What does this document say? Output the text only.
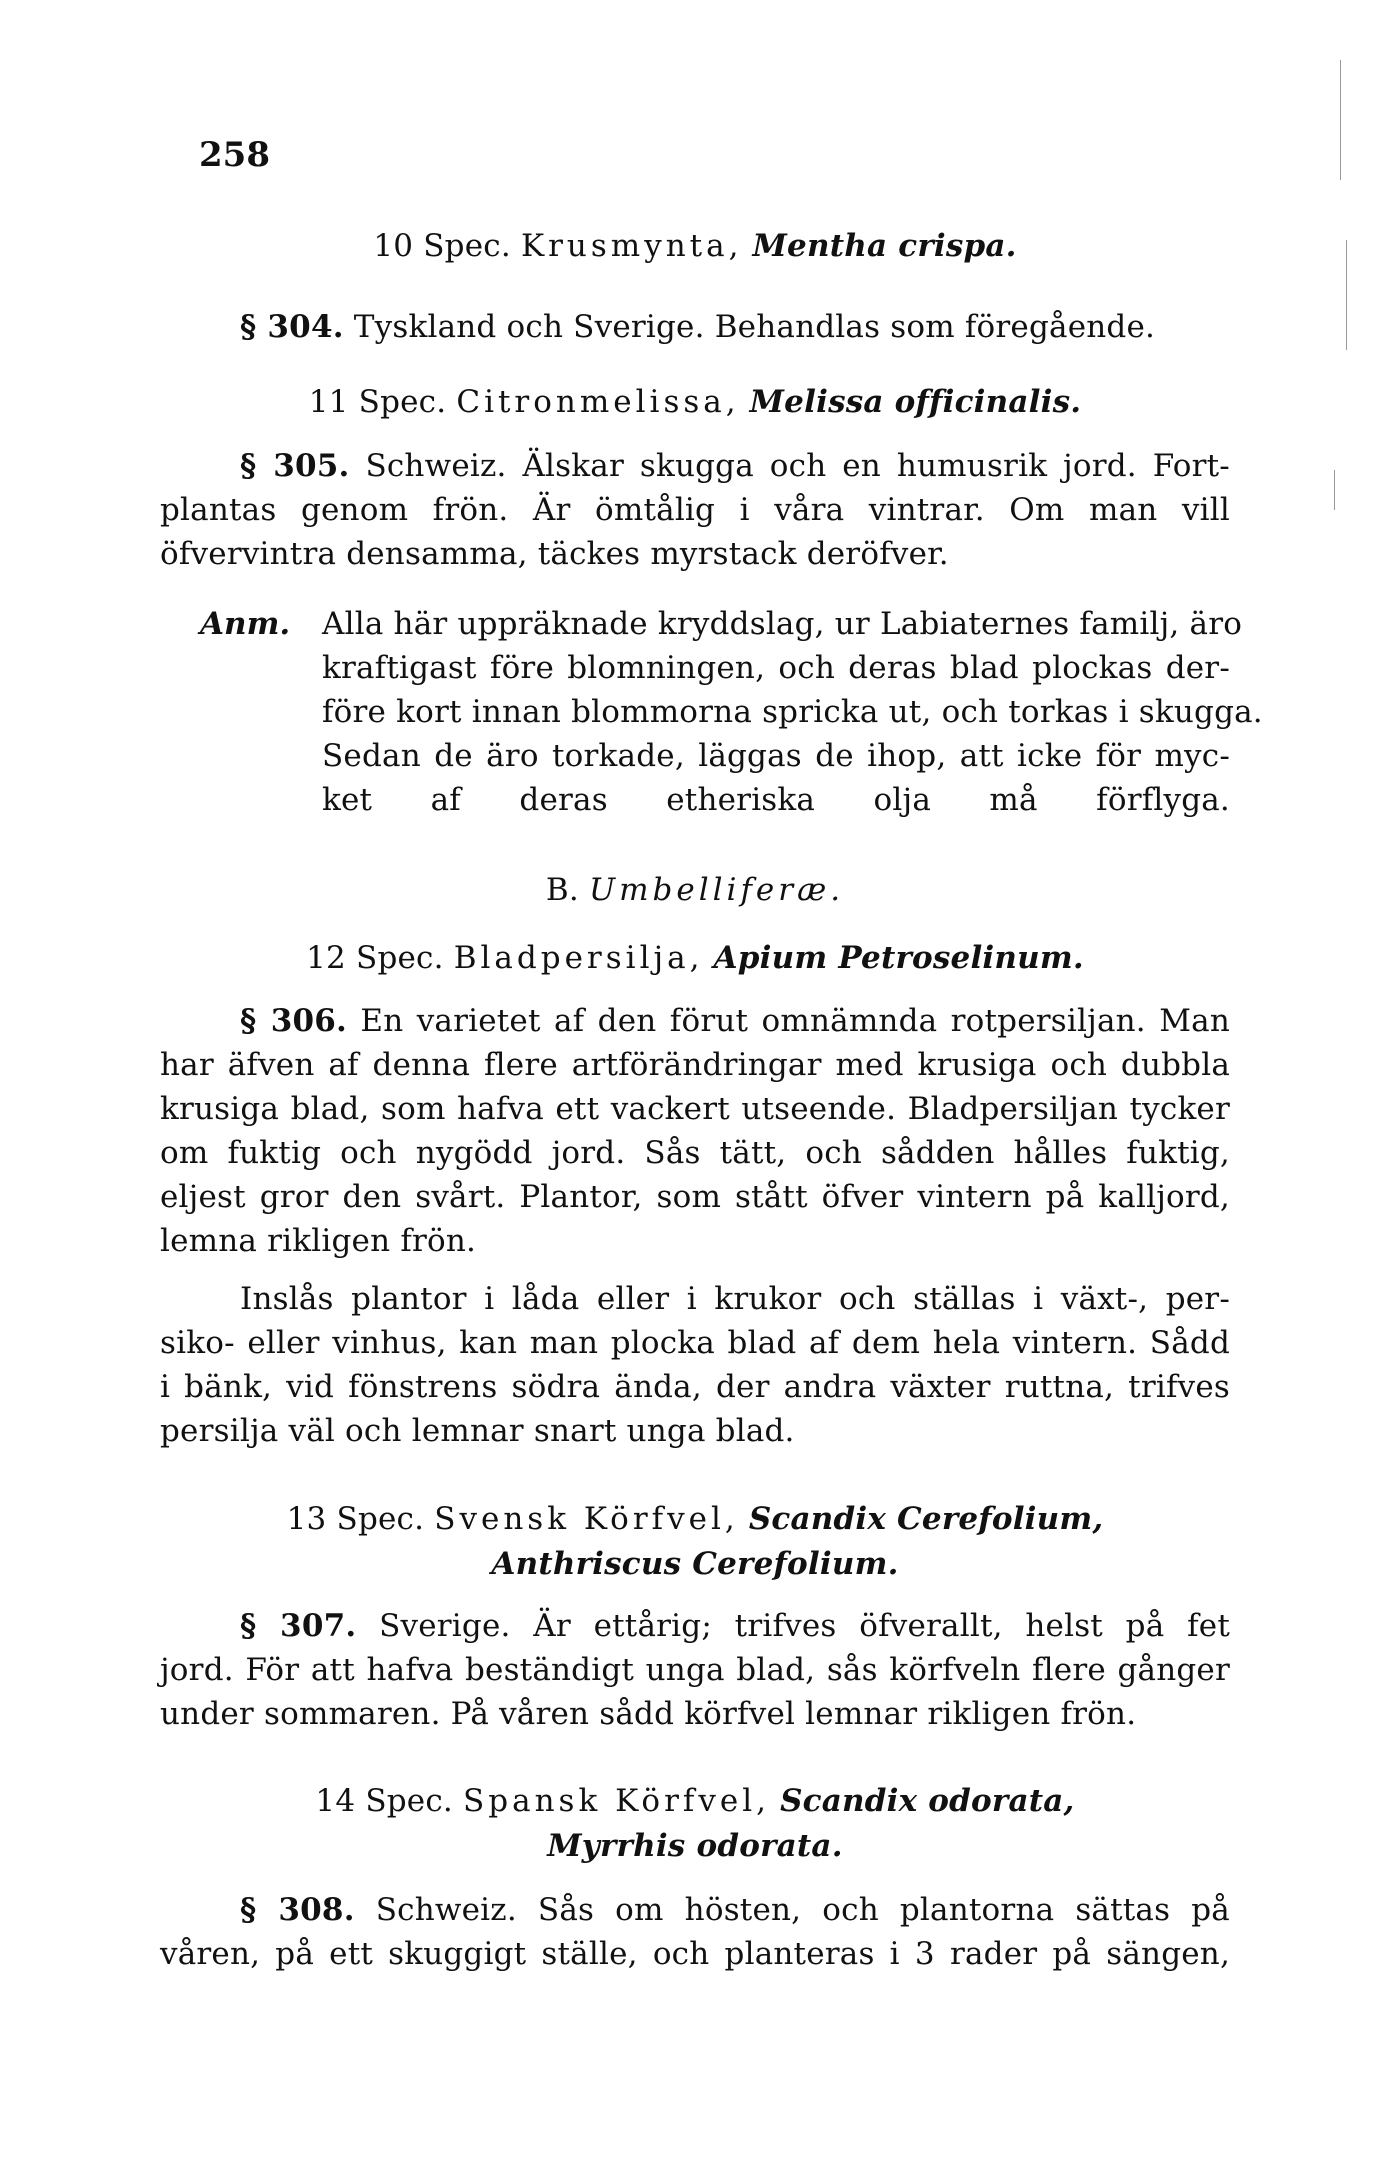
258

10 Spec. Krusmynta, Mentha crispa.
§ 304. Tyskland och Sverige. Behandlas som föregående.
11 Spec. Citronmelissa, Melissa officinalis.
§ 305. Schweiz. Älskar skugga och en humusrik jord. Fort-
plantas genom frön. Är ömtålig i våra vintrar. Om man vill
öfvervintra densamma, täckes myrstack deröfver.
Anm. Alla här uppräknade kryddslag, ur Labiaternes familj, äro
kraftigast före blomningen, och deras blad plockas der-
före kort innan blommorna spricka ut, och torkas i skugga.
Sedan de äro torkade, läggas de ihop, att icke för myc-
ket af deras etheriska olja må förflyga.
B. Umbelliferæ.
12 Spec. Bladpersilja, Apium Petroselinum.
§ 306. En varietet af den förut omnämnda rotpersiljan. Man
har äfven af denna flere artförändringar med krusiga och dubbla
krusiga blad, som hafva ett vackert utseende. Bladpersiljan tycker
om fuktig och nygödd jord. Sås tätt, och sådden hålles fuktig,
eljest gror den svårt. Plantor, som stått öfver vintern på kalljord,
lemna rikligen frön.
Inslås plantor i låda eller i krukor och ställas i växt-, per-
siko- eller vinhus, kan man plocka blad af dem hela vintern. Sådd
i bänk, vid fönstrens södra ända, der andra växter ruttna, trifves
persilja väl och lemnar snart unga blad.
13 Spec. Svensk Körfvel, Scandix Cerefolium,
Anthriscus Cerefolium.
§ 307. Sverige. Är ettårig; trifves öfverallt, helst på fet
jord. För att hafva beständigt unga blad, sås körfveln flere gånger
under sommaren. På våren sådd körfvel lemnar rikligen frön.
14 Spec. Spansk Körfvel, Scandix odorata,
Myrrhis odorata.
§ 308. Schweiz. Sås om hösten, och plantorna sättas på
våren, på ett skuggigt ställe, och planteras i 3 rader på sängen,
